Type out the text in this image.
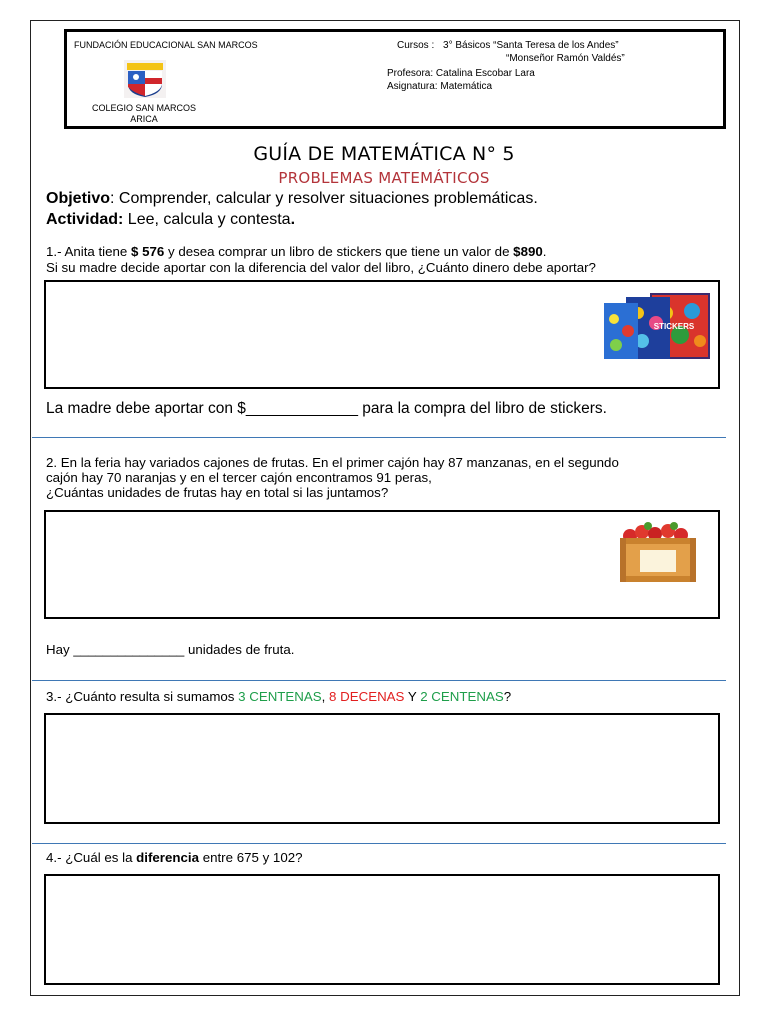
FUNDACIÓN EDUCACIONAL SAN MARCOS
COLEGIO SAN MARCOS
ARICA
Cursos : 3° Básicos “Santa Teresa de los Andes”
“Monseñor Ramón Valdés”
Profesora: Catalina Escobar Lara
Asignatura: Matemática
GUÍA DE MATEMÁTICA N° 5
PROBLEMAS MATEMÁTICOS
Objetivo: Comprender, calcular y resolver situaciones problemáticas.
Actividad: Lee, calcula y contesta.
1.- Anita tiene $ 576 y desea comprar un libro de stickers que tiene un valor de $890.
Si su madre decide aportar con la diferencia del valor del libro, ¿Cuánto dinero debe aportar?
STICKERS
La madre debe aportar con $_____________ para la compra del libro de stickers.
2. En la feria hay variados cajones de frutas. En el primer cajón hay 87 manzanas, en el segundo
cajón hay 70 naranjas y en el tercer cajón encontramos 91 peras,
¿Cuántas unidades de frutas hay en total si las juntamos?
Hay _______________ unidades de fruta.
3.- ¿Cuánto resulta si sumamos 3 CENTENAS, 8 DECENAS Y 2 CENTENAS?
4.- ¿Cuál es la diferencia entre 675 y 102?
